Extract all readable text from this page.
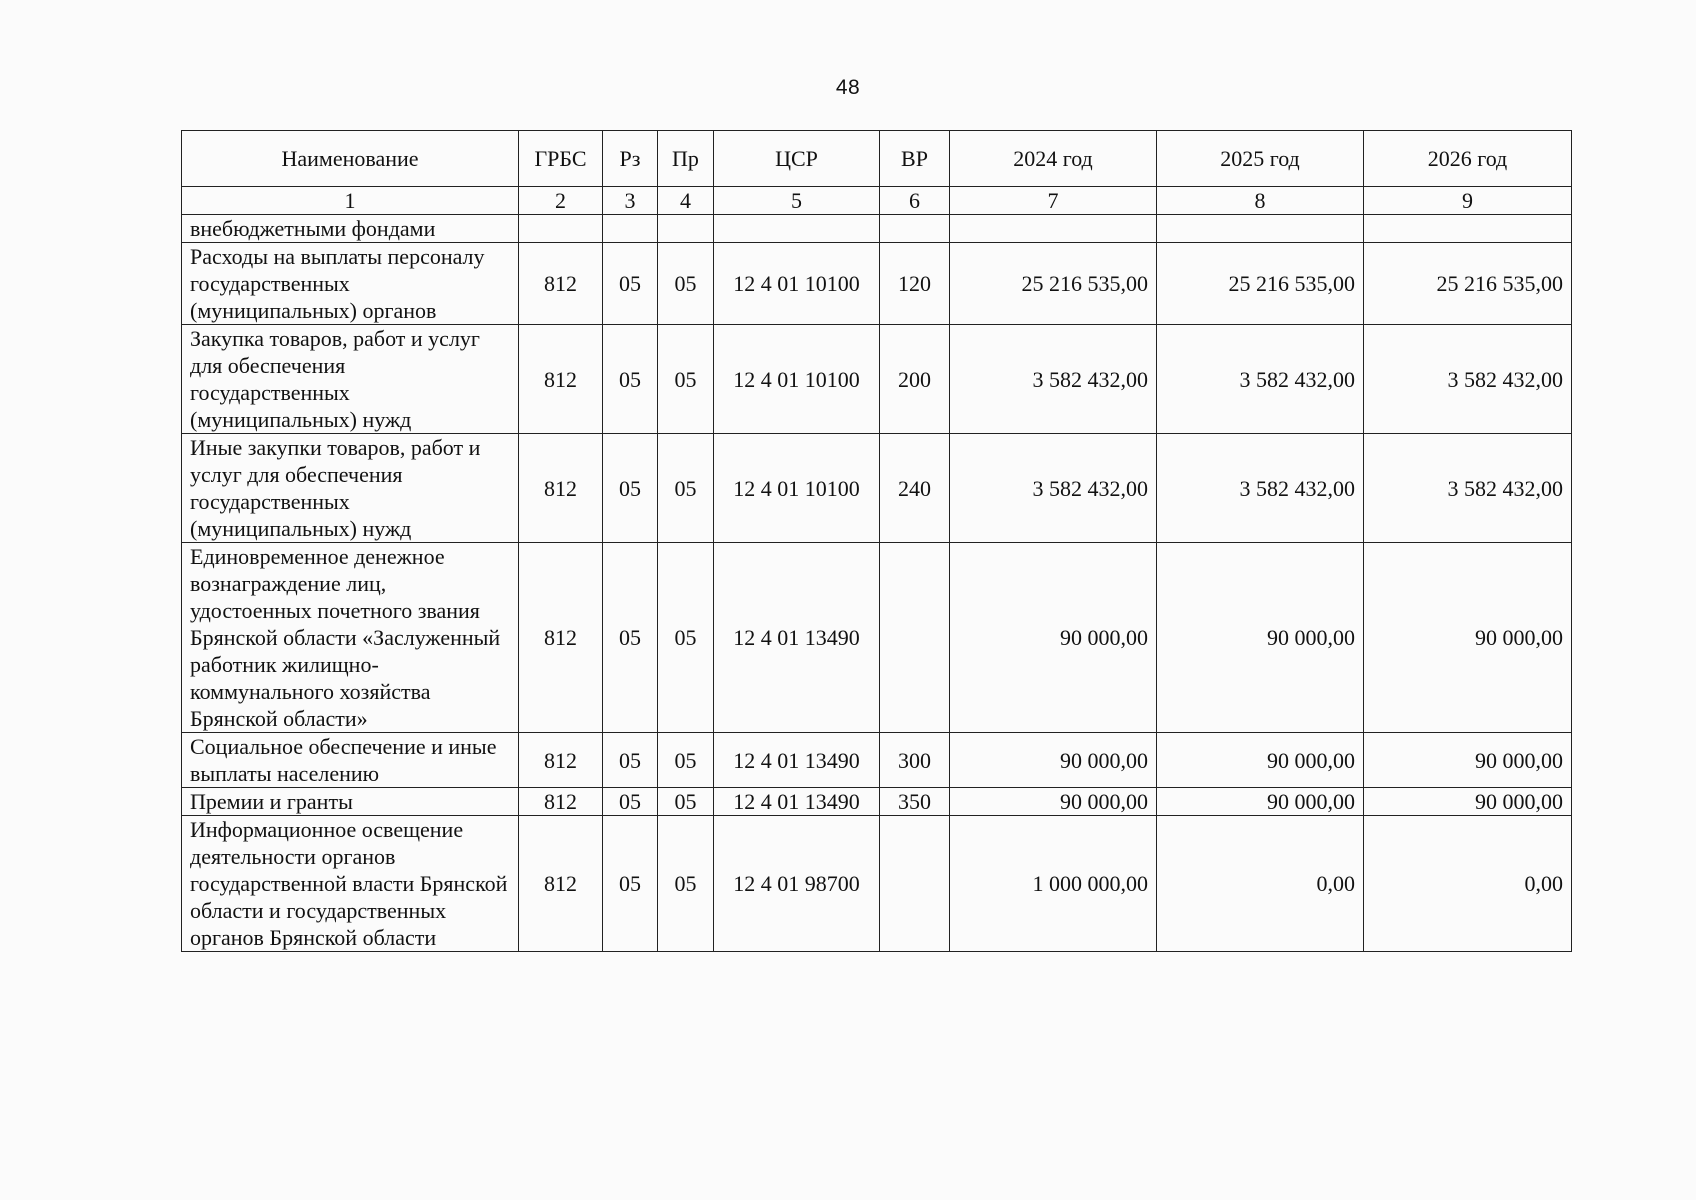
48
Наименование	ГРБС	Рз	Пр	ЦСР	ВР	2024 год	2025 год	2026 год
1	2	3	4	5	6	7	8	9
внебюджетными фондами								
Расходы на выплаты персоналу государственных (муниципальных) органов	812	05	05	12 4 01 10100	120	25 216 535,00	25 216 535,00	25 216 535,00
Закупка товаров, работ и услуг для обеспечения государственных (муниципальных) нужд	812	05	05	12 4 01 10100	200	3 582 432,00	3 582 432,00	3 582 432,00
Иные закупки товаров, работ и услуг для обеспечения государственных (муниципальных) нужд	812	05	05	12 4 01 10100	240	3 582 432,00	3 582 432,00	3 582 432,00
Единовременное денежное вознаграждение лиц, удостоенных почетного звания Брянской области «Заслуженный работник жилищно-коммунального хозяйства Брянской области»	812	05	05	12 4 01 13490		90 000,00	90 000,00	90 000,00
Социальное обеспечение и иные выплаты населению	812	05	05	12 4 01 13490	300	90 000,00	90 000,00	90 000,00
Премии и гранты	812	05	05	12 4 01 13490	350	90 000,00	90 000,00	90 000,00
Информационное освещение деятельности органов государственной власти Брянской области и государственных органов Брянской области	812	05	05	12 4 01 98700		1 000 000,00	0,00	0,00
